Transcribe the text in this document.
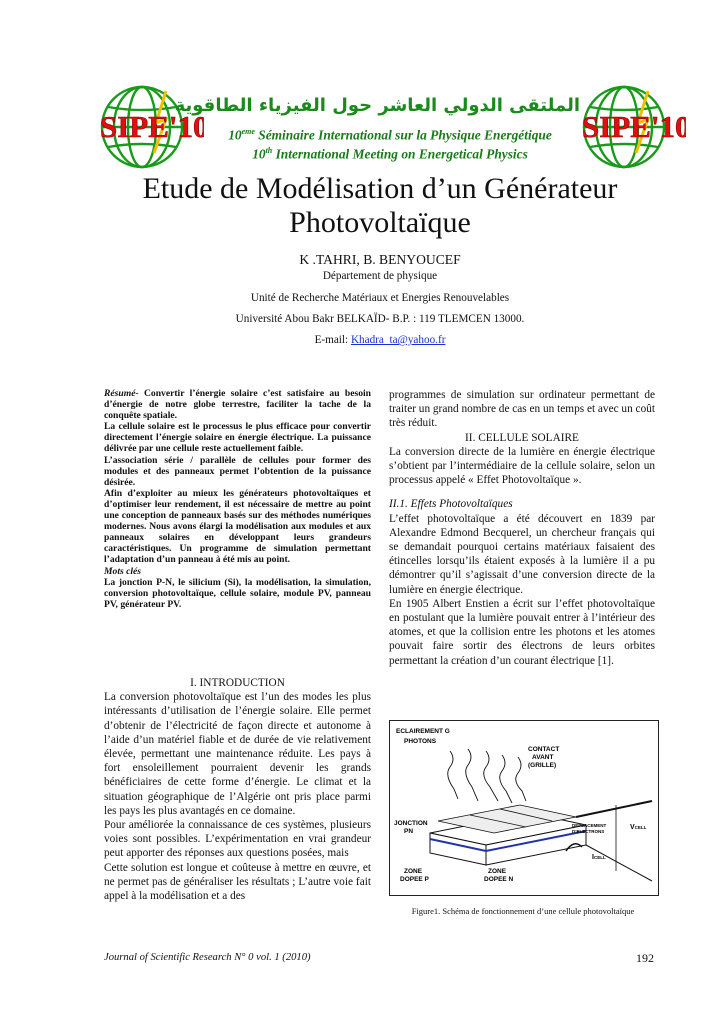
SIPE'10	SIPE'10
الملتقى الدولي العاشر حول الفيزياء الطاقوية
10eme Séminaire International sur la Physique Energétique
10th International Meeting on Energetical Physics
Etude de Modélisation d’un Générateur
Photovoltaïque
K .TAHRI, B. BENYOUCEF
Département de physique
Unité de Recherche Matériaux et Energies Renouvelables
Université Abou Bakr BELKAÏD- B.P. : 119 TLEMCEN 13000.
E-mail: Khadra_ta@yahoo.fr

Résumé- Convertir l’énergie solaire c’est satisfaire au besoin d’énergie de notre globe terrestre, faciliter la tache de la conquête spatiale.

La cellule solaire est le processus le plus efficace pour convertir directement l’énergie solaire en énergie électrique. La puissance délivrée par une cellule reste actuellement faible.

L’association série / parallèle de cellules pour former des modules et des panneaux permet l’obtention de la puissance désirée.

Afin d’exploiter au mieux les générateurs photovoltaïques et d’optimiser leur rendement, il est nécessaire de mettre au point une conception de panneaux basés sur des méthodes numériques modernes. Nous avons élargi la modélisation aux modules et aux panneaux solaires en développant leurs grandeurs caractéristiques. Un programme de simulation permettant l’adaptation d’un panneau à été mis au point.

Mots clés

La jonction P-N, le silicium (Si), la modélisation, la simulation, conversion photovoltaïque, cellule solaire, module PV, panneau PV, générateur PV.

I. INTRODUCTION

La conversion photovoltaïque est l’un des modes les plus intéressants d’utilisation de l’énergie solaire. Elle permet d’obtenir de l’électricité de façon directe et autonome à l’aide d’un matériel fiable et de durée de vie relativement élevée, permettant une maintenance réduite. Les pays à fort ensoleillement pourraient devenir les grands bénéficiaires de cette forme d’énergie. Le climat et la situation géographique de l’Algérie ont pris place parmi les pays les plus avantagés en ce domaine.

Pour améliorée la connaissance de ces systèmes, plusieurs voies sont possibles. L’expérimentation en vrai grandeur peut apporter des réponses aux questions posées, mais

Cette solution est longue et coûteuse à mettre en œuvre, et ne permet pas de généraliser les résultats ; L’autre voie fait appel à la modélisation et a des

programmes de simulation sur ordinateur permettant de traiter un grand nombre de cas en un temps et avec un coût très réduit.

II. CELLULE SOLAIRE

La conversion directe de la lumière en énergie électrique s’obtient par l’intermédiaire de la cellule solaire, selon un processus appelé « Effet Photovoltaïque ».

II.1. Effets Photovoltaïques

L’effet photovoltaïque a été découvert en 1839 par Alexandre Edmond Becquerel, un chercheur français qui se demandait pourquoi certains matériaux faisaient des étincelles lorsqu’ils étaient exposés à la lumière il a pu démontrer qu’il s’agissait d’une conversion directe de la lumière en énergie électrique.

En 1905 Albert Enstien a écrit sur l’effet photovoltaïque en postulant que la lumière pouvait entrer à l’intérieur des atomes, et que la collision entre les photons et les atomes pouvait faire sortir des électrons de leurs orbites permettant la création d’un courant électrique [1].

ECLAIREMENT G
PHOTONS
CONTACT
AVANT
(GRILLE)
JONCTION
PN
DEPLACEMENT
D’ELECTRONS
VCELL
ICELL
ZONE
DOPEE P
ZONE
DOPEE N
Figure1. Schéma de fonctionnement d’une cellule photovoltaïque
Journal of Scientific Research N° 0 vol. 1 (2010)	192
